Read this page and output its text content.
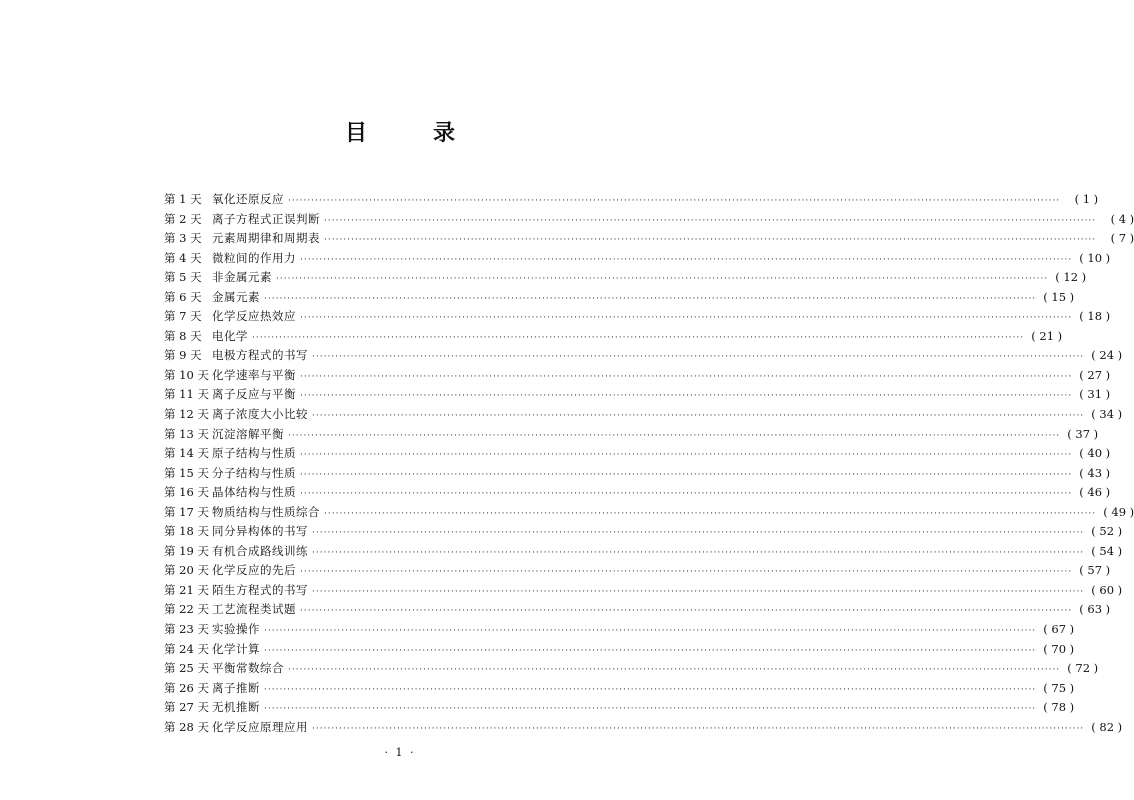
目　录
第 1 天 氧化还原反应 ········································································································································································································	( 1 )
第 2 天 离子方程式正误判断 ········································································································································································································	( 4 )
第 3 天 元素周期律和周期表 ········································································································································································································	( 7 )
第 4 天 微粒间的作用力 ········································································································································································································ ( 10 )
第 5 天 非金属元素 ········································································································································································································ ( 12 )
第 6 天 金属元素 ········································································································································································································ ( 15 )
第 7 天 化学反应热效应 ········································································································································································································ ( 18 )
第 8 天 电化学 ········································································································································································································ ( 21 )
第 9 天 电极方程式的书写 ········································································································································································································ ( 24 )
第 10 天 化学速率与平衡 ········································································································································································································ ( 27 )
第 11 天 离子反应与平衡 ········································································································································································································ ( 31 )
第 12 天 离子浓度大小比较 ········································································································································································································ ( 34 )
第 13 天 沉淀溶解平衡 ········································································································································································································ ( 37 )
第 14 天 原子结构与性质 ········································································································································································································ ( 40 )
第 15 天 分子结构与性质 ········································································································································································································ ( 43 )
第 16 天 晶体结构与性质 ········································································································································································································ ( 46 )
第 17 天 物质结构与性质综合 ········································································································································································································ ( 49 )
第 18 天 同分异构体的书写 ········································································································································································································ ( 52 )
第 19 天 有机合成路线训练 ········································································································································································································ ( 54 )
第 20 天 化学反应的先后 ········································································································································································································ ( 57 )
第 21 天 陌生方程式的书写 ········································································································································································································ ( 60 )
第 22 天 工艺流程类试题 ········································································································································································································ ( 63 )
第 23 天 实验操作 ········································································································································································································ ( 67 )
第 24 天 化学计算 ········································································································································································································ ( 70 )
第 25 天 平衡常数综合 ········································································································································································································ ( 72 )
第 26 天 离子推断 ········································································································································································································ ( 75 )
第 27 天 无机推断 ········································································································································································································ ( 78 )
第 28 天 化学反应原理应用 ········································································································································································································ ( 82 )
· 1 ·
